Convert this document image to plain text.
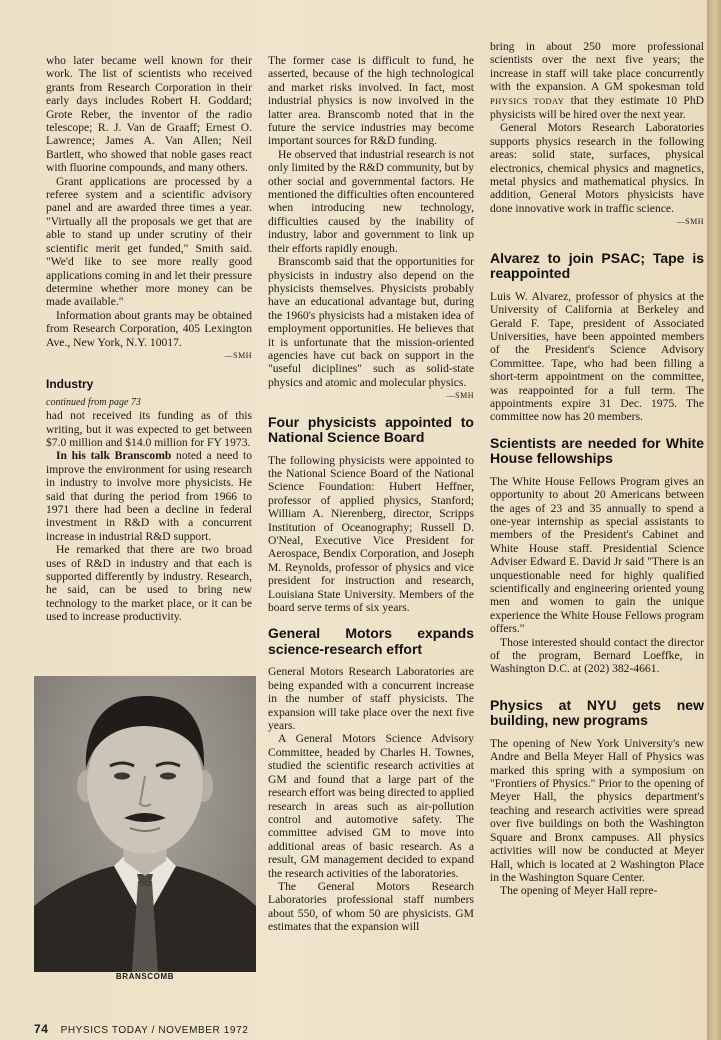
who later became well known for their work. The list of scientists who received grants from Research Corporation in their early days includes Robert H. Goddard; Grote Reber, the inventor of the radio telescope; R. J. Van de Graaff; Ernest O. Lawrence; James A. Van Allen; Neil Bartlett, who showed that noble gases react with fluorine compounds, and many others.

Grant applications are processed by a referee system and a scientific advisory panel and are awarded three times a year. "Virtually all the proposals we get that are able to stand up under scrutiny of their scientific merit get funded," Smith said. "We'd like to see more really good applications coming in and let their pressure determine whether more money can be made available."

Information about grants may be obtained from Research Corporation, 405 Lexington Ave., New York, N.Y. 10017.

—SMH

Industry

continued from page 73

had not received its funding as of this writing, but it was expected to get between $7.0 million and $14.0 million for FY 1973.

In his talk Branscomb noted a need to improve the environment for using research in industry to involve more physicists. He said that during the period from 1966 to 1971 there had been a decline in federal investment in R&D with a concurrent increase in industrial R&D support.

He remarked that there are two broad uses of R&D in industry and that each is supported differently by industry. Research, he said, can be used to bring new technology to the market place, or it can be used to increase productivity.

BRANSCOMB

The former case is difficult to fund, he asserted, because of the high technological and market risks involved. In fact, most industrial physics is now involved in the latter area. Branscomb noted that in the future the service industries may become important sources for R&D funding.

He observed that industrial research is not only limited by the R&D community, but by other social and governmental factors. He mentioned the difficulties often encountered when introducing new technology, difficulties caused by the inability of industry, labor and government to link up their efforts rapidly enough.

Branscomb said that the opportunities for physicists in industry also depend on the physicists themselves. Physicists probably have an educational advantage but, during the 1960's physicists had a mistaken idea of employment opportunities. He believes that it is unfortunate that the mission-oriented agencies have cut back on support in the "useful diciplines" such as solid-state physics and atomic and molecular physics.

—SMH

Four physicists appointed to National Science Board

The following physicists were appointed to the National Science Board of the National Science Foundation: Hubert Heffner, professor of applied physics, Stanford; William A. Nierenberg, director, Scripps Institution of Oceanography; Russell D. O'Neal, Executive Vice President for Aerospace, Bendix Corporation, and Joseph M. Reynolds, professor of physics and vice president for instruction and research, Louisiana State University. Members of the board serve terms of six years.

General Motors expands science-research effort

General Motors Research Laboratories are being expanded with a concurrent increase in the number of staff physicists. The expansion will take place over the next five years.

A General Motors Science Advisory Committee, headed by Charles H. Townes, studied the scientific research activities at GM and found that a large part of the research effort was being directed to applied research in areas such as air-pollution control and automotive safety. The committee advised GM to move into additional areas of basic research. As a result, GM management decided to expand the research activities of the laboratories.

The General Motors Research Laboratories professional staff numbers about 550, of whom 50 are physicists. GM estimates that the expansion will

bring in about 250 more professional scientists over the next five years; the increase in staff will take place concurrently with the expansion. A GM spokesman told PHYSICS TODAY that they estimate 10 PhD physicists will be hired over the next year.

General Motors Research Laboratories supports physics research in the following areas: solid state, surfaces, physical electronics, chemical physics and magnetics, metal physics and mathematical physics. In addition, General Motors physicists have done innovative work in traffic science.

—SMH

Alvarez to join PSAC; Tape is reappointed

Luis W. Alvarez, professor of physics at the University of California at Berkeley and Gerald F. Tape, president of Associated Universities, have been appointed members of the President's Science Advisory Committee. Tape, who had been filling a short-term appointment on the committee, was reappointed for a full term. The appointments expire 31 Dec. 1975. The committee now has 20 members.

Scientists are needed for White House fellowships

The White House Fellows Program gives an opportunity to about 20 Americans between the ages of 23 and 35 annually to spend a one-year internship as special assistants to members of the President's Cabinet and White House staff. Presidential Science Adviser Edward E. David Jr said "There is an unquestionable need for highly qualified scientifically and engineering oriented young men and women to gain the unique experience the White House Fellows program offers."

Those interested should contact the director of the program, Bernard Loeffke, in Washington D.C. at (202) 382-4661.

Physics at NYU gets new building, new programs

The opening of New York University's new Andre and Bella Meyer Hall of Physics was marked this spring with a symposium on "Frontiers of Physics." Prior to the opening of Meyer Hall, the physics department's teaching and research activities were spread over five buildings on both the Washington Square and Bronx campuses. All physics activities will now be conducted at Meyer Hall, which is located at 2 Washington Place in the Washington Square Center.

The opening of Meyer Hall repre-

74 PHYSICS TODAY / NOVEMBER 1972
